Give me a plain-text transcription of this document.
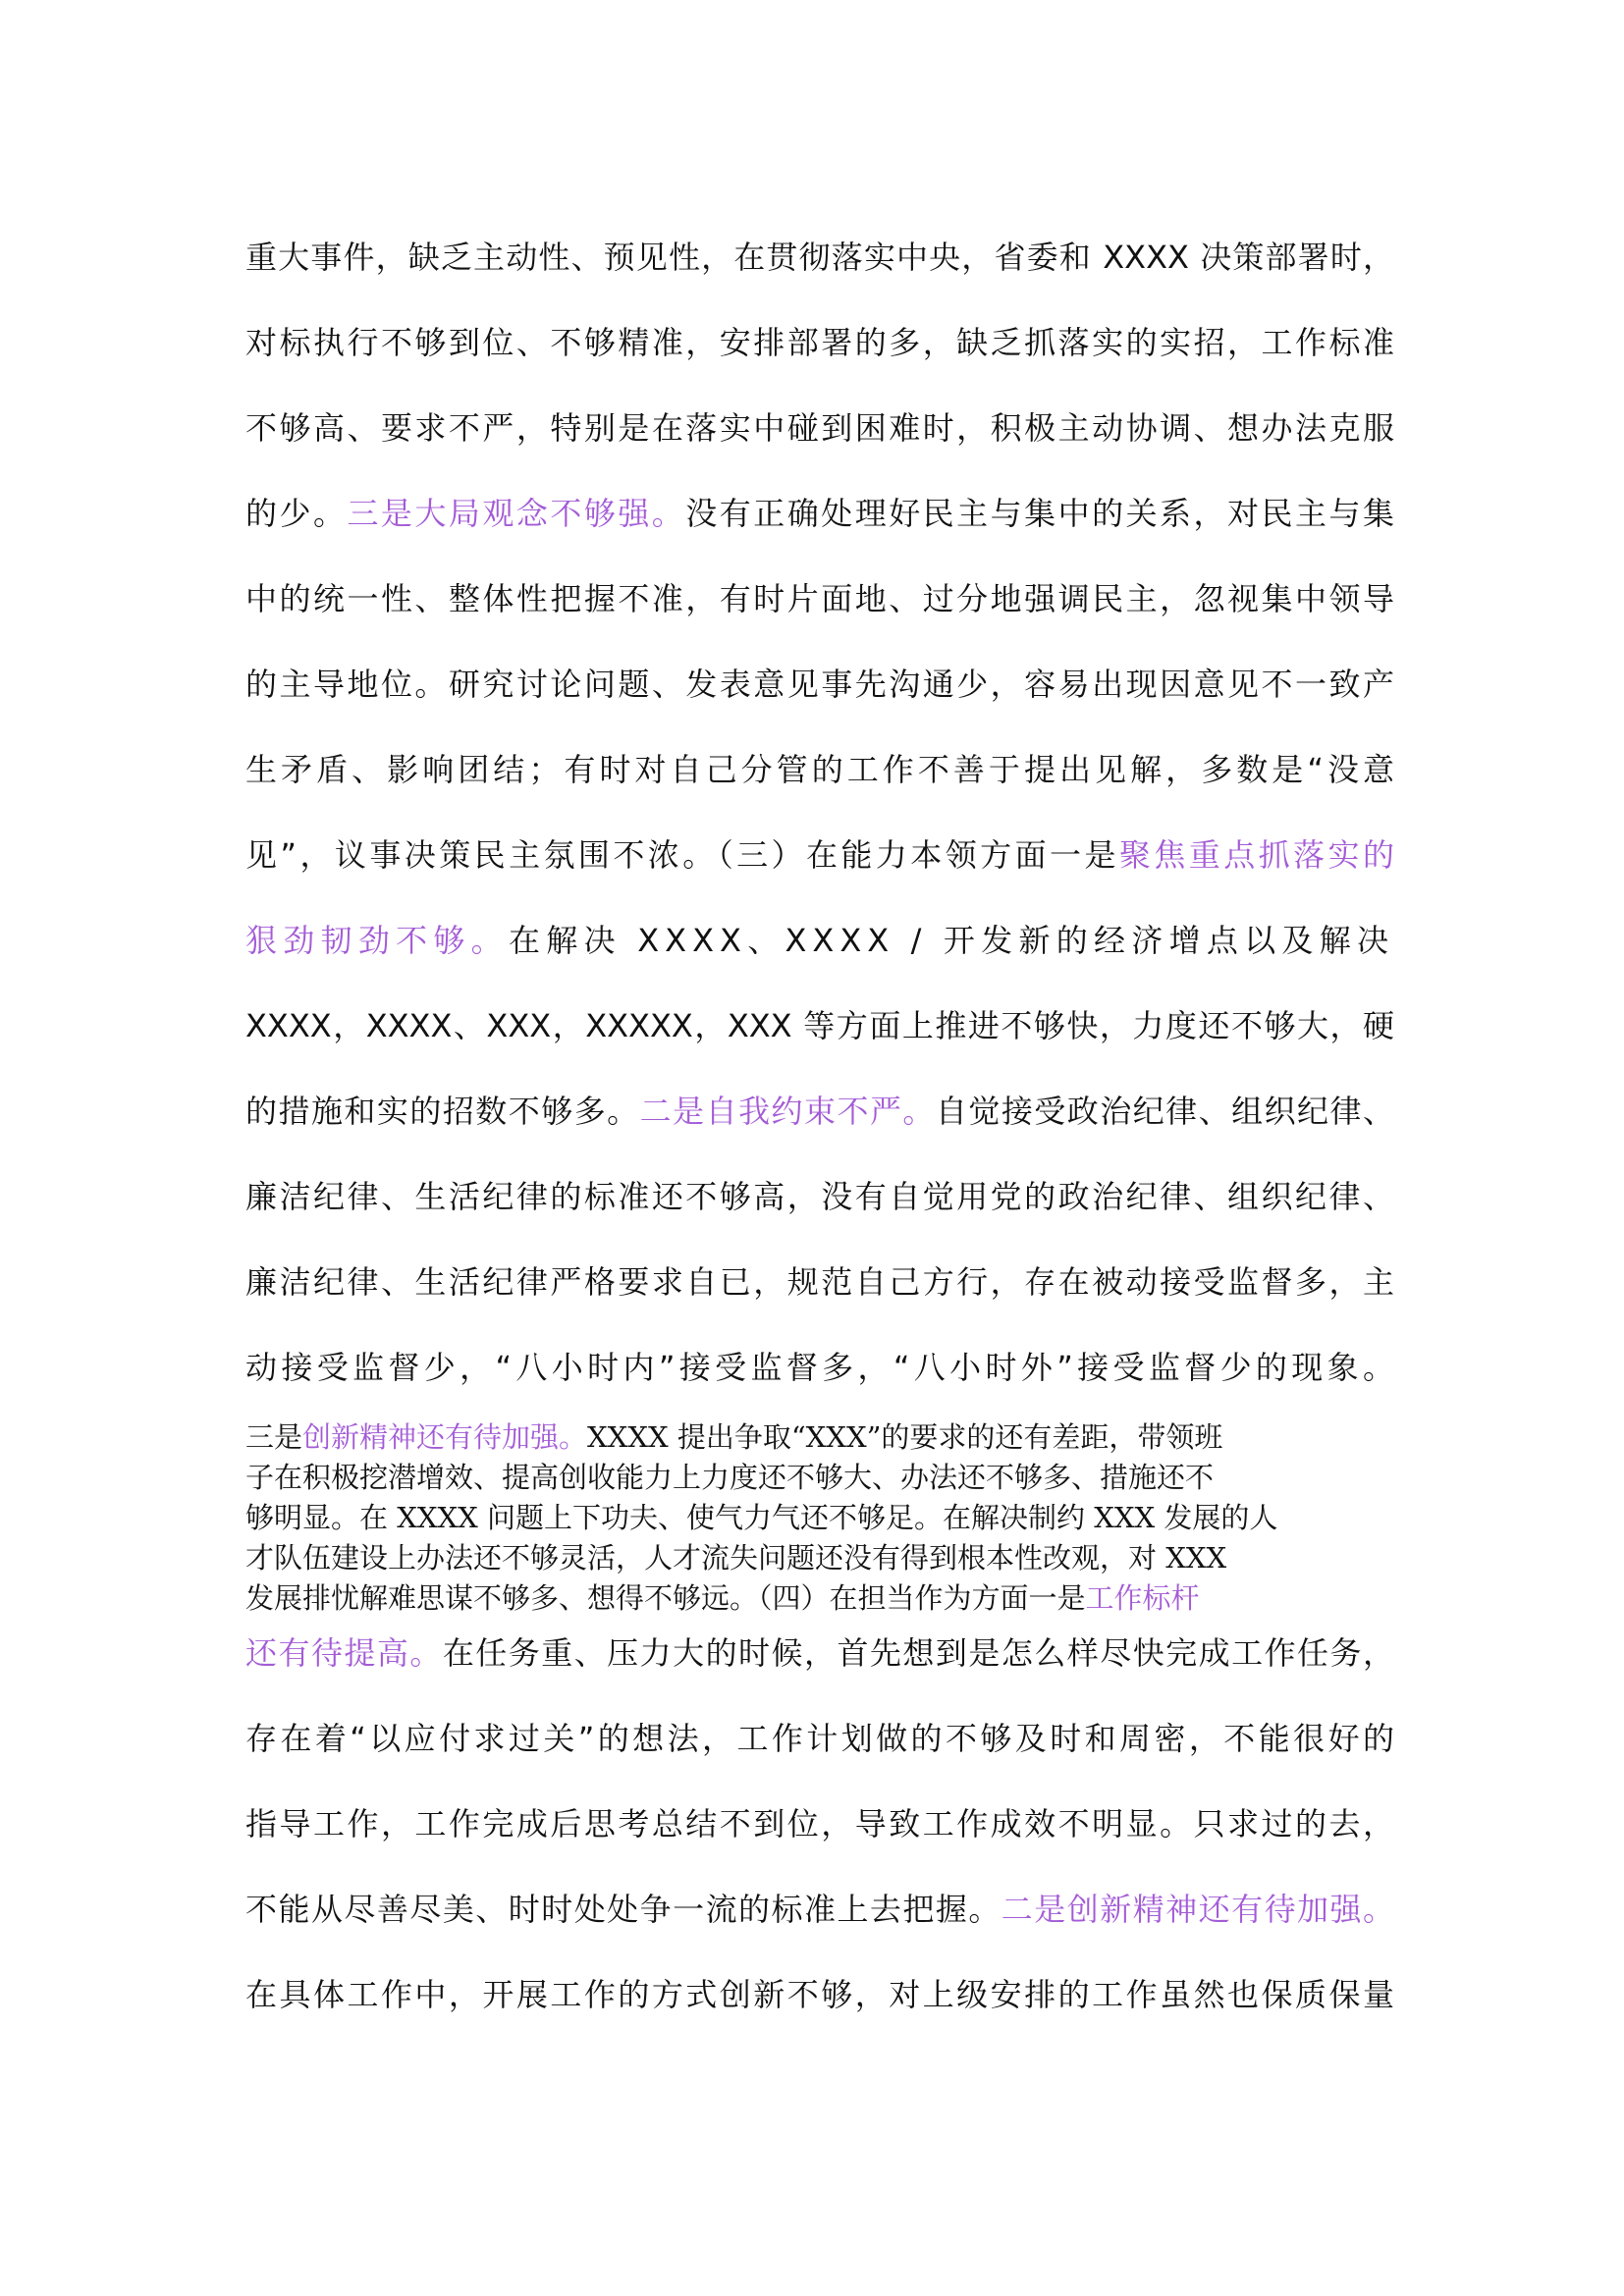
重大事件，缺乏主动性、预见性，在贯彻落实中央，省委和 XXXX 决策部署时，
对标执行不够到位、不够精准，安排部署的多，缺乏抓落实的实招，工作标准
不够高、要求不严，特别是在落实中碰到困难时，积极主动协调、想办法克服
的少。三是大局观念不够强。没有正确处理好民主与集中的关系，对民主与集
中的统一性、整体性把握不准，有时片面地、过分地强调民主，忽视集中领导
的主导地位。研究讨论问题、发表意见事先沟通少，容易出现因意见不一致产
生矛盾、影响团结；有时对自己分管的工作不善于提出见解，多数是“没意
见”，议事决策民主氛围不浓。（三）在能力本领方面一是聚焦重点抓落实的
狠劲韧劲不够。在解决 XXXX、XXXX / 开发新的经济增点以及解决
XXXX，XXXX、XXX，XXXXX，XXX 等方面上推进不够快，力度还不够大，硬
的措施和实的招数不够多。二是自我约束不严。自觉接受政治纪律、组织纪律、
廉洁纪律、生活纪律的标准还不够高，没有自觉用党的政治纪律、组织纪律、
廉洁纪律、生活纪律严格要求自已，规范自己方行，存在被动接受监督多，主
动接受监督少，“八小时内”接受监督多，“八小时外”接受监督少的现象。
三是创新精神还有待加强。XXXX 提出争取“XXX”的要求的还有差距，带领班
子在积极挖潜增效、提高创收能力上力度还不够大、办法还不够多、措施还不
够明显。在 XXXX 问题上下功夫、使气力气还不够足。在解决制约 XXX 发展的人
才队伍建设上办法还不够灵活，人才流失问题还没有得到根本性改观，对 XXX
发展排忧解难思谋不够多、想得不够远。（四）在担当作为方面一是工作标杆
还有待提高。在任务重、压力大的时候，首先想到是怎么样尽快完成工作任务，
存在着“以应付求过关”的想法，工作计划做的不够及时和周密，不能很好的
指导工作，工作完成后思考总结不到位，导致工作成效不明显。只求过的去，
不能从尽善尽美、时时处处争一流的标准上去把握。二是创新精神还有待加强。
在具体工作中，开展工作的方式创新不够，对上级安排的工作虽然也保质保量
